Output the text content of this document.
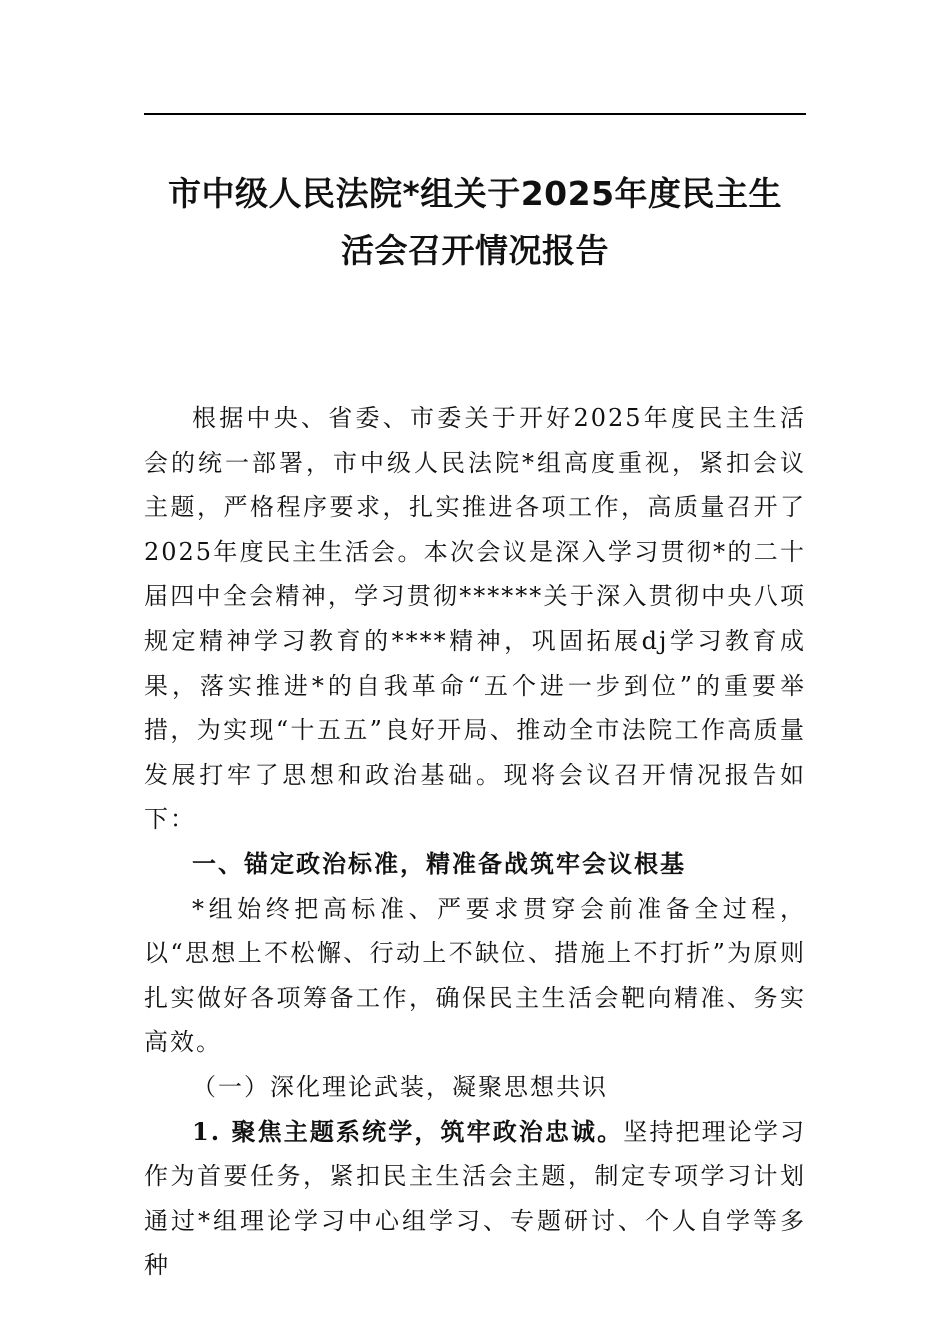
市中级人民法院*组关于2025年度民主生
活会召开情况报告

根据中央、省委、市委关于开好2025年度民主生活会的统一部署，市中级人民法院*组高度重视，紧扣会议主题，严格程序要求，扎实推进各项工作，高质量召开了2025年度民主生活会。本次会议是深入学习贯彻*的二十届四中全会精神，学习贯彻******关于深入贯彻中央八项规定精神学习教育的****精神，巩固拓展dj学习教育成果，落实推进*的自我革命“五个进一步到位”的重要举措，为实现“十五五”良好开局、推动全市法院工作高质量发展打牢了思想和政治基础。现将会议召开情况报告如下：

一、锚定政治标准，精准备战筑牢会议根基

*组始终把高标准、严要求贯穿会前准备全过程，以“思想上不松懈、行动上不缺位、措施上不打折”为原则扎实做好各项筹备工作，确保民主生活会靶向精准、务实高效。

（一）深化理论武装，凝聚思想共识

1. 聚焦主题系统学，筑牢政治忠诚。坚持把理论学习作为首要任务，紧扣民主生活会主题，制定专项学习计划通过*组理论学习中心组学习、专题研讨、个人自学等多种
